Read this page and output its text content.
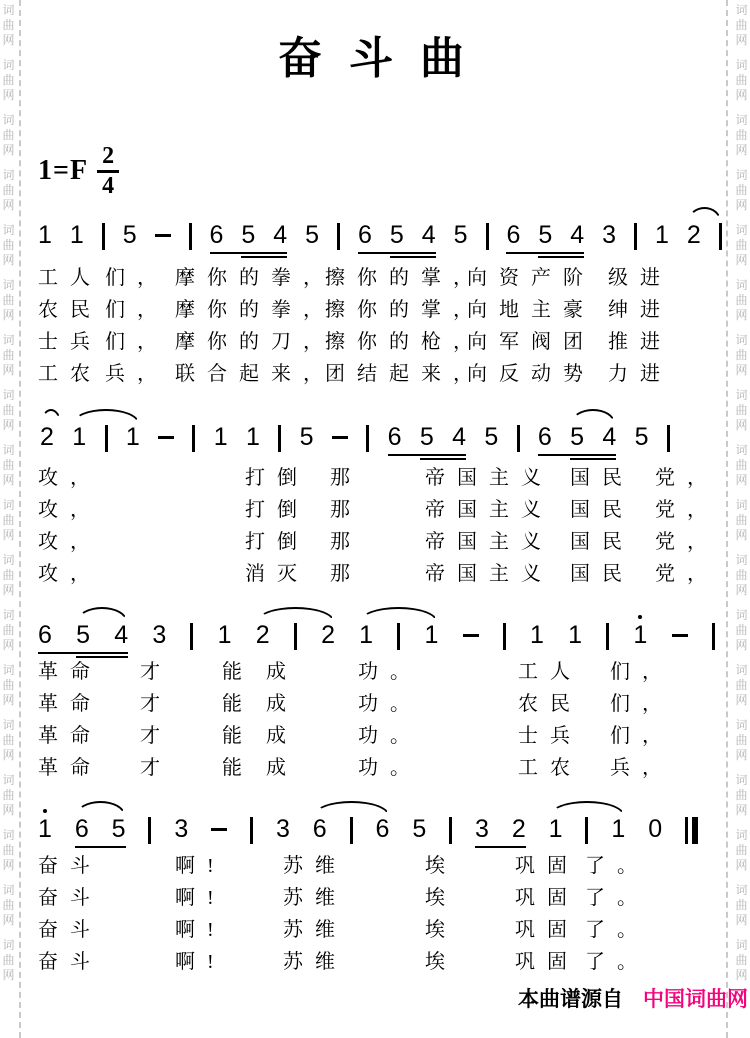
词
曲
网
词
曲
网
词
曲
网
词
曲
网
词
曲
网
词
曲
网
词
曲
网
词
曲
网
词
曲
网
词
曲
网
词
曲
网
词
曲
网
词
曲
网
词
曲
网
词
曲
网
词
曲
网
词
曲
网
词
曲
网
词
曲
网
词
曲
网
词
曲
网
词
曲
网
词
曲
网
词
曲
网
词
曲
网
词
曲
网
词
曲
网
词
曲
网
词
曲
网
词
曲
网
词
曲
网
词
曲
网
词
曲
网
词
曲
网
词
曲
网
词
曲
网
奋 斗 曲
$1=F \frac{2}{4}$
1 1 5	6 5 4 5 6 5 4 5 6 5 4 3 1 2
工人 们， 摩你的拳，
擦你的掌，
向资产阶 级进
农民 们， 摩你的拳，
擦你的掌，
向地主豪 绅进
士兵 们， 摩你的刀，
擦你的枪，
向军阀团 推进
工农 兵， 联合起来，
团结起来，
向反动势 力进
2 1 1	1 1 5	6 5 4 5 6 5 4 5
攻，	打倒 那	帝国主义 国民 党，
攻，	打倒 那	帝国主义 国民 党，
攻，	打倒 那	帝国主义 国民 党，
攻，	消灭 那	帝国主义 国民 党，
6 5 4 3 1 2 2 1 1	1 1 1
革命 才	能 成	功。	工人 们，
革命 才	能 成	功。	农民 们，
革命 才	能 成	功。	士兵 们，
革命 才	能 成	功。	工农 兵，
1 6 5 3	3 6 6 5 3 2 1 1 0
奋斗	啊!	苏维	埃	巩固 了。
奋斗	啊!	苏维	埃	巩固 了。
奋斗	啊!	苏维	埃	巩固 了。
奋斗	啊!	苏维	埃	巩固 了。
本曲谱源自 中国词曲网
